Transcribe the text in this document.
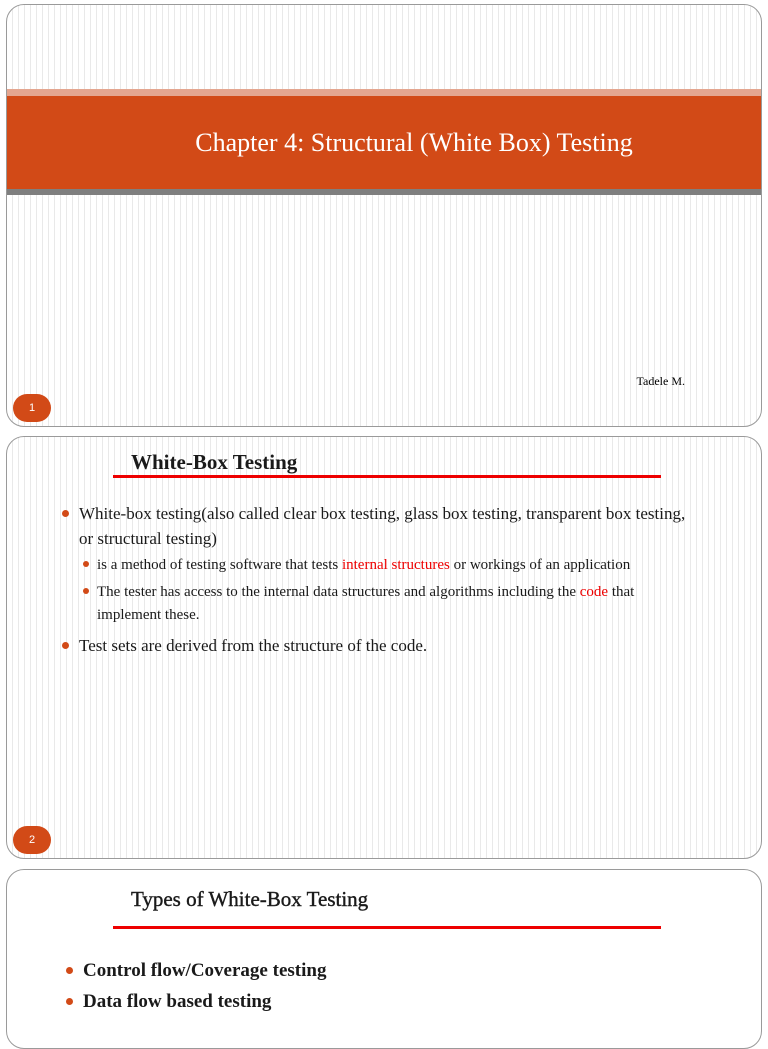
Chapter 4: Structural (White Box) Testing
Tadele M.
1
White-Box Testing
White-box testing(also called clear box testing, glass box testing, transparent box testing, or structural testing)
is a method of testing software that tests internal structures or workings of an application
The tester has access to the internal data structures and algorithms including the code that implement these.
Test sets are derived from the structure of the code.
2
Types of White-Box Testing
Control flow/Coverage testing
Data flow based testing
